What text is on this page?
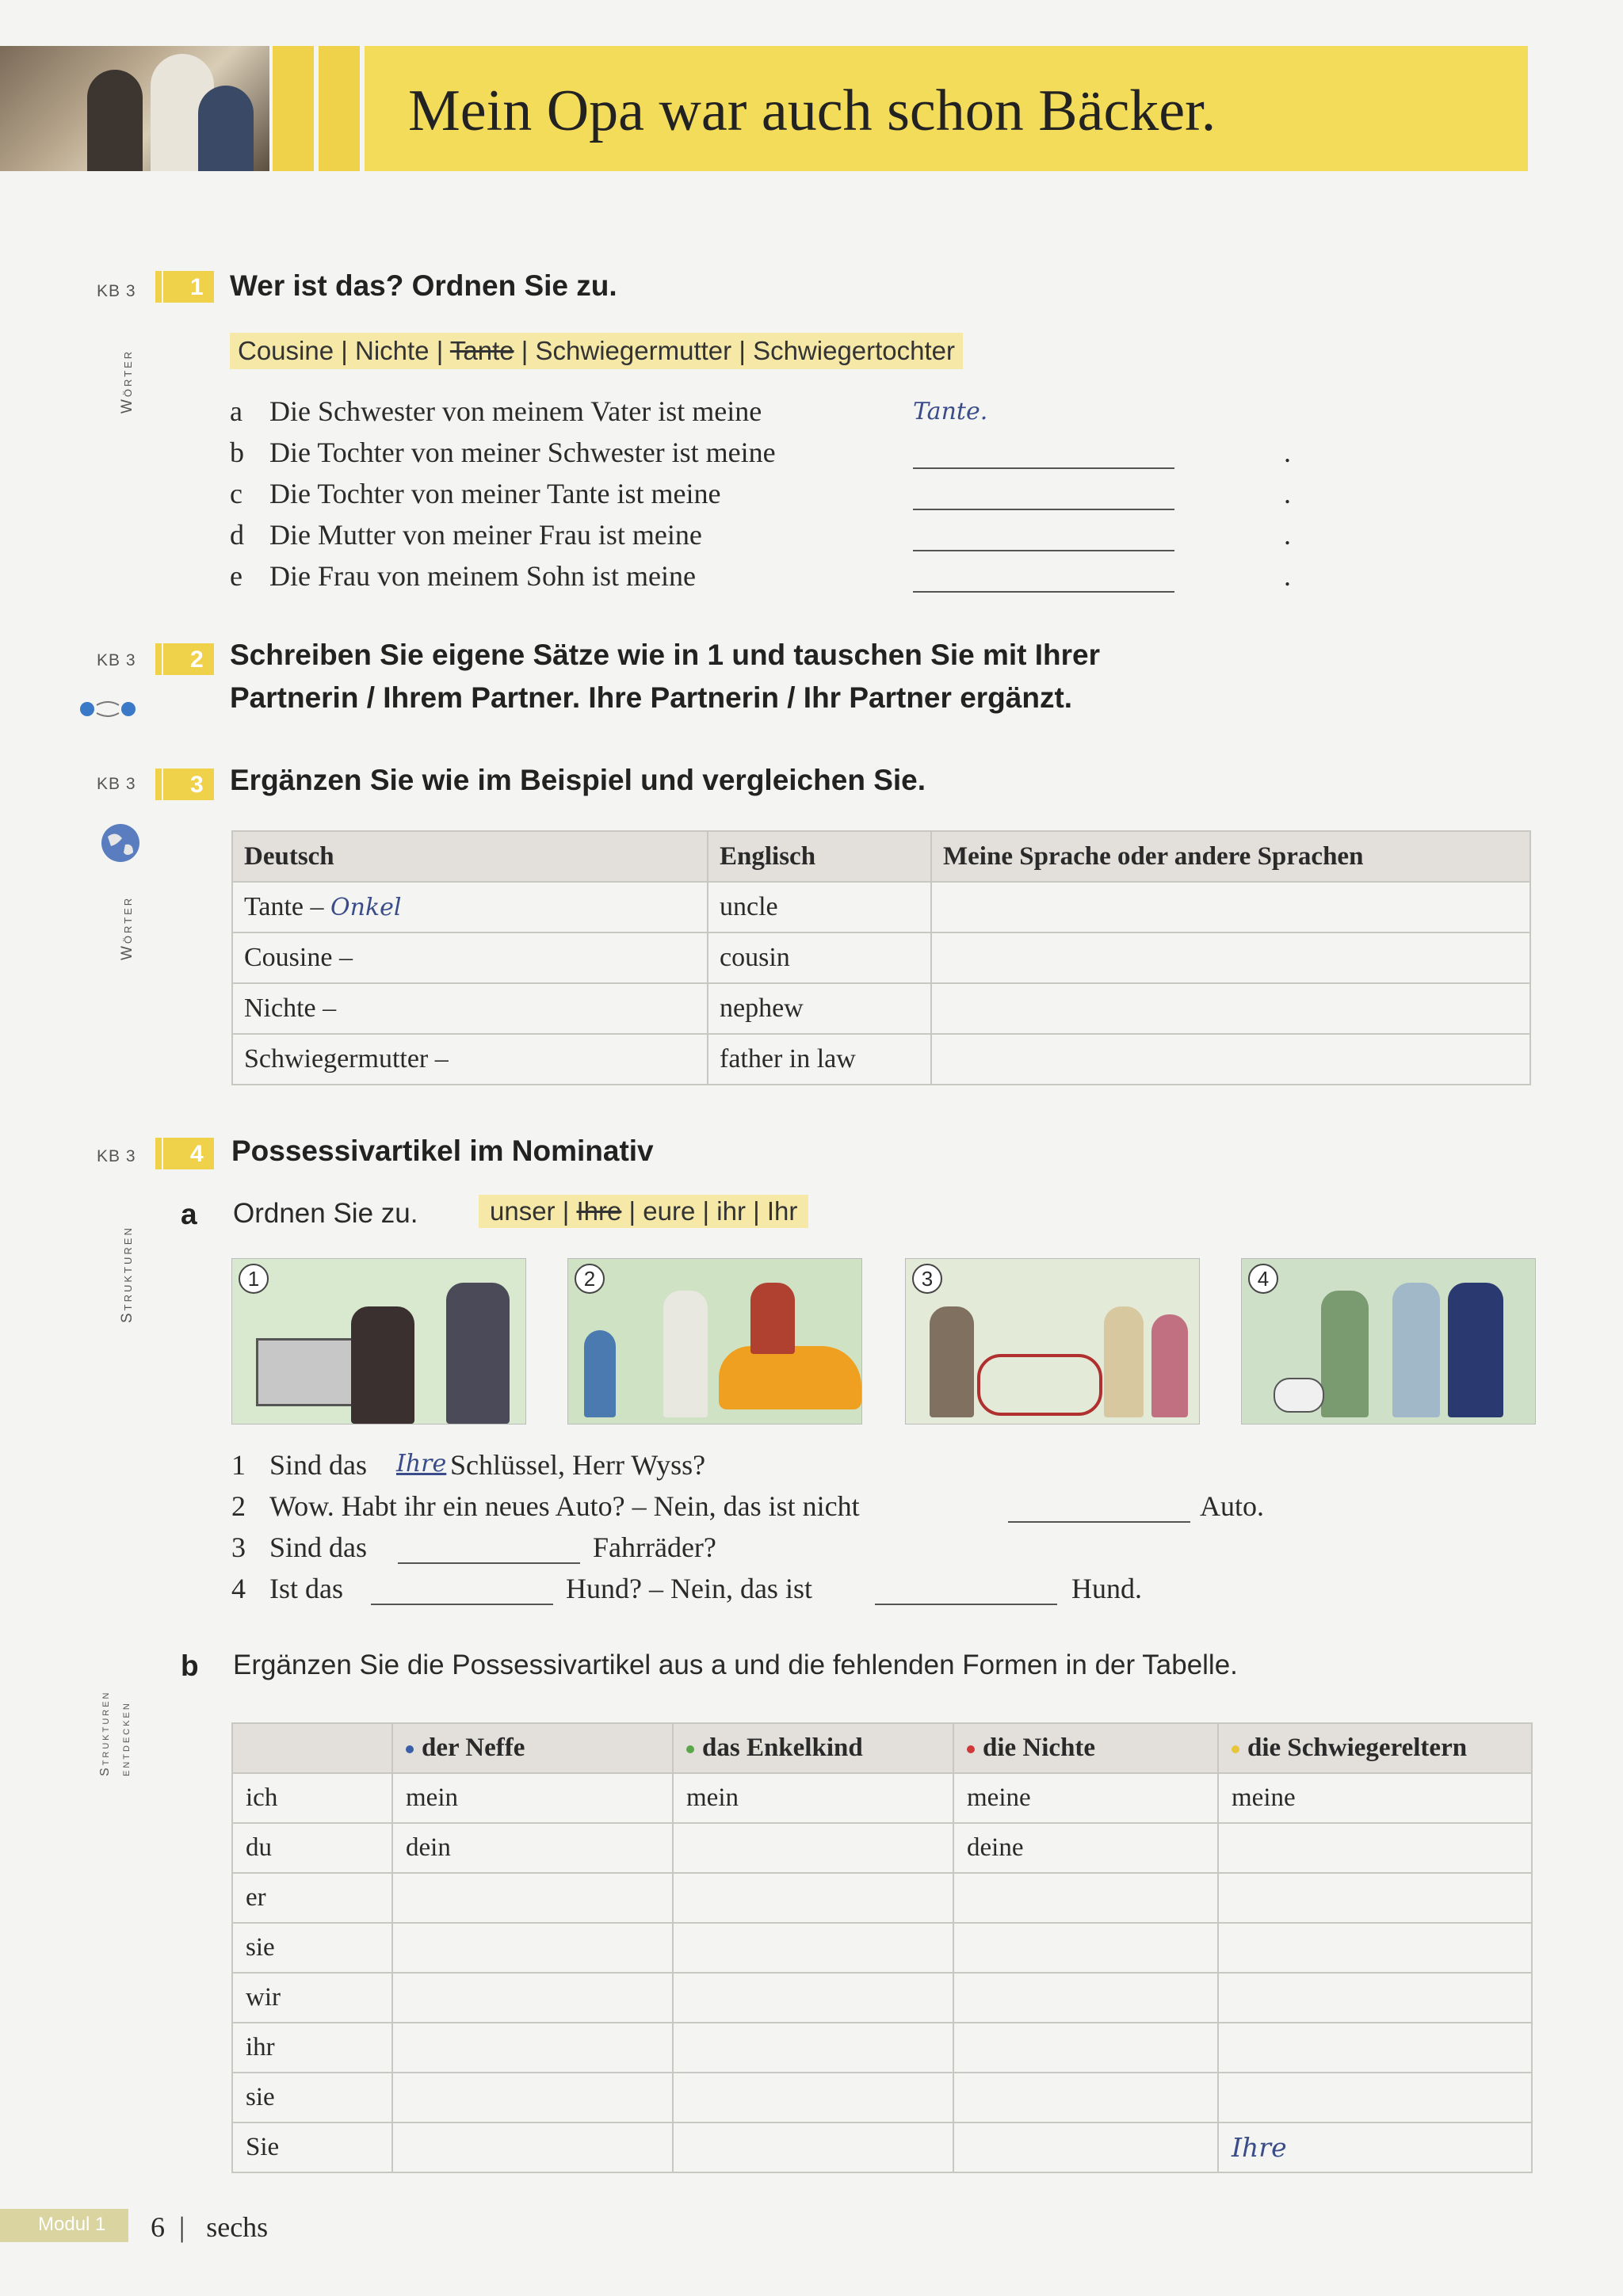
Mein Opa war auch schon Bäcker.
KB 3
Wörter
1 Wer ist das? Ordnen Sie zu.
Cousine | Nichte | Tante | Schwiegermutter | Schwiegertochter
a Die Schwester von meinem Vater ist meine	Tante.
b Die Tochter von meiner Schwester ist meine	.
c Die Tochter von meiner Tante ist meine	.
d Die Mutter von meiner Frau ist meine	.
e Die Frau von meinem Sohn ist meine	.
KB 3 2 Schreiben Sie eigene Sätze wie in 1 und tauschen Sie mit Ihrer
Partnerin / Ihrem Partner. Ihre Partnerin / Ihr Partner ergänzt.
KB 3
Wörter
3 Ergänzen Sie wie im Beispiel und vergleichen Sie.
Deutsch	Englisch	Meine Sprache oder andere Sprachen
Tante – Onkel	uncle	
Cousine –	cousin	
Nichte –	nephew	
Schwiegermutter –	father in law	
KB 3
Strukturen
4 Possessivartikel im Nominativ
a Ordnen Sie zu.	unser | Ihre | eure | ihr | Ihr
1	2	3	4
1 Sind das Ihre Schlüssel, Herr Wyss?
2 Wow. Habt ihr ein neues Auto? – Nein, das ist nicht	Auto.
3 Sind das	Fahrräder?
4 Ist das	Hund? – Nein, das ist	Hund.
Strukturen entdecken
b Ergänzen Sie die Possessivartikel aus a und die fehlenden Formen in der Tabelle.
	der Neffe	das Enkelkind	die Nichte	die Schwiegereltern
ich	mein	mein	meine	meine
du	dein		deine	
er				
sie				
wir				
ihr				
sie				
Sie				Ihre
Modul 1 6 | sechs
